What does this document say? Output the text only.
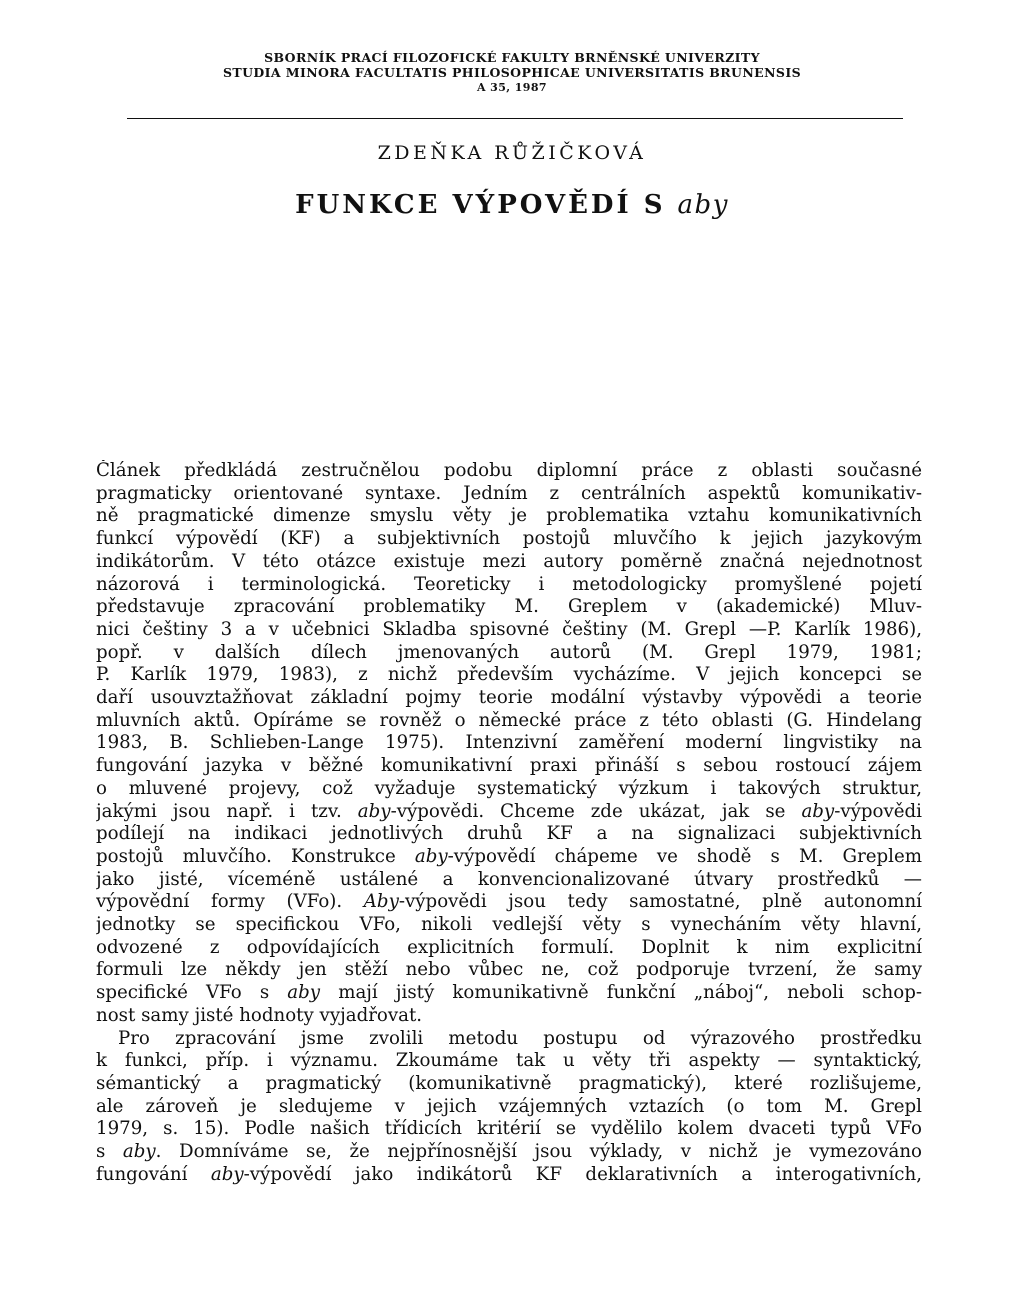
SBORNÍK PRACÍ FILOZOFICKÉ FAKULTY BRNĚNSKÉ UNIVERZITY
STUDIA MINORA FACULTATIS PHILOSOPHICAE UNIVERSITATIS BRUNENSIS
A 35, 1987
ZDEŇKA RŮŽIČKOVÁ
FUNKCE VÝPOVĚDÍ S aby
Článek předkládá zestručnělou podobu diplomní práce z oblasti současné
pragmaticky orientované syntaxe. Jedním z centrálních aspektů komunikativ-
ně pragmatické dimenze smyslu věty je problematika vztahu komunikativních
funkcí výpovědí (KF) a subjektivních postojů mluvčího k jejich jazykovým
indikátorům. V této otázce existuje mezi autory poměrně značná nejednotnost
názorová i terminologická. Teoreticky i metodologicky promyšlené pojetí
představuje zpracování problematiky M. Greplem v (akademické) Mluv-
nici češtiny 3 a v učebnici Skladba spisovné češtiny (M. Grepl —P. Karlík 1986),
popř. v dalších dílech jmenovaných autorů (M. Grepl 1979, 1981;
P. Karlík 1979, 1983), z nichž především vycházíme. V jejich koncepci se
daří usouvztažňovat základní pojmy teorie modální výstavby výpovědi a teorie
mluvních aktů. Opíráme se rovněž o německé práce z této oblasti (G. Hindelang
1983, B. Schlieben-Lange 1975). Intenzivní zaměření moderní lingvistiky na
fungování jazyka v běžné komunikativní praxi přináší s sebou rostoucí zájem
o mluvené projevy, což vyžaduje systematický výzkum i takových struktur,
jakými jsou např. i tzv. aby-výpovědi. Chceme zde ukázat, jak se aby-výpovědi
podílejí na indikaci jednotlivých druhů KF a na signalizaci subjektivních
postojů mluvčího. Konstrukce aby-výpovědí chápeme ve shodě s M. Greplem
jako jisté, víceméně ustálené a konvencionalizované útvary prostředků —
výpovědní formy (VFo). Aby-výpovědi jsou tedy samostatné, plně autonomní
jednotky se specifickou VFo, nikoli vedlejší věty s vynecháním věty hlavní,
odvozené z odpovídajících explicitních formulí. Doplnit k nim explicitní
formuli lze někdy jen stěží nebo vůbec ne, což podporuje tvrzení, že samy
specifické VFo s aby mají jistý komunikativně funkční „náboj“, neboli schop-
nost samy jisté hodnoty vyjadřovat.
Pro zpracování jsme zvolili metodu postupu od výrazového prostředku
k funkci, příp. i významu. Zkoumáme tak u věty tři aspekty — syntaktický,
sémantický a pragmatický (komunikativně pragmatický), které rozlišujeme,
ale zároveň je sledujeme v jejich vzájemných vztazích (o tom M. Grepl
1979, s. 15). Podle našich třídicích kritérií se vydělilo kolem dvaceti typů VFo
s aby. Domníváme se, že nejpřínosnější jsou výklady, v nichž je vymezováno
fungování aby-výpovědí jako indikátorů KF deklarativních a interogativních,
